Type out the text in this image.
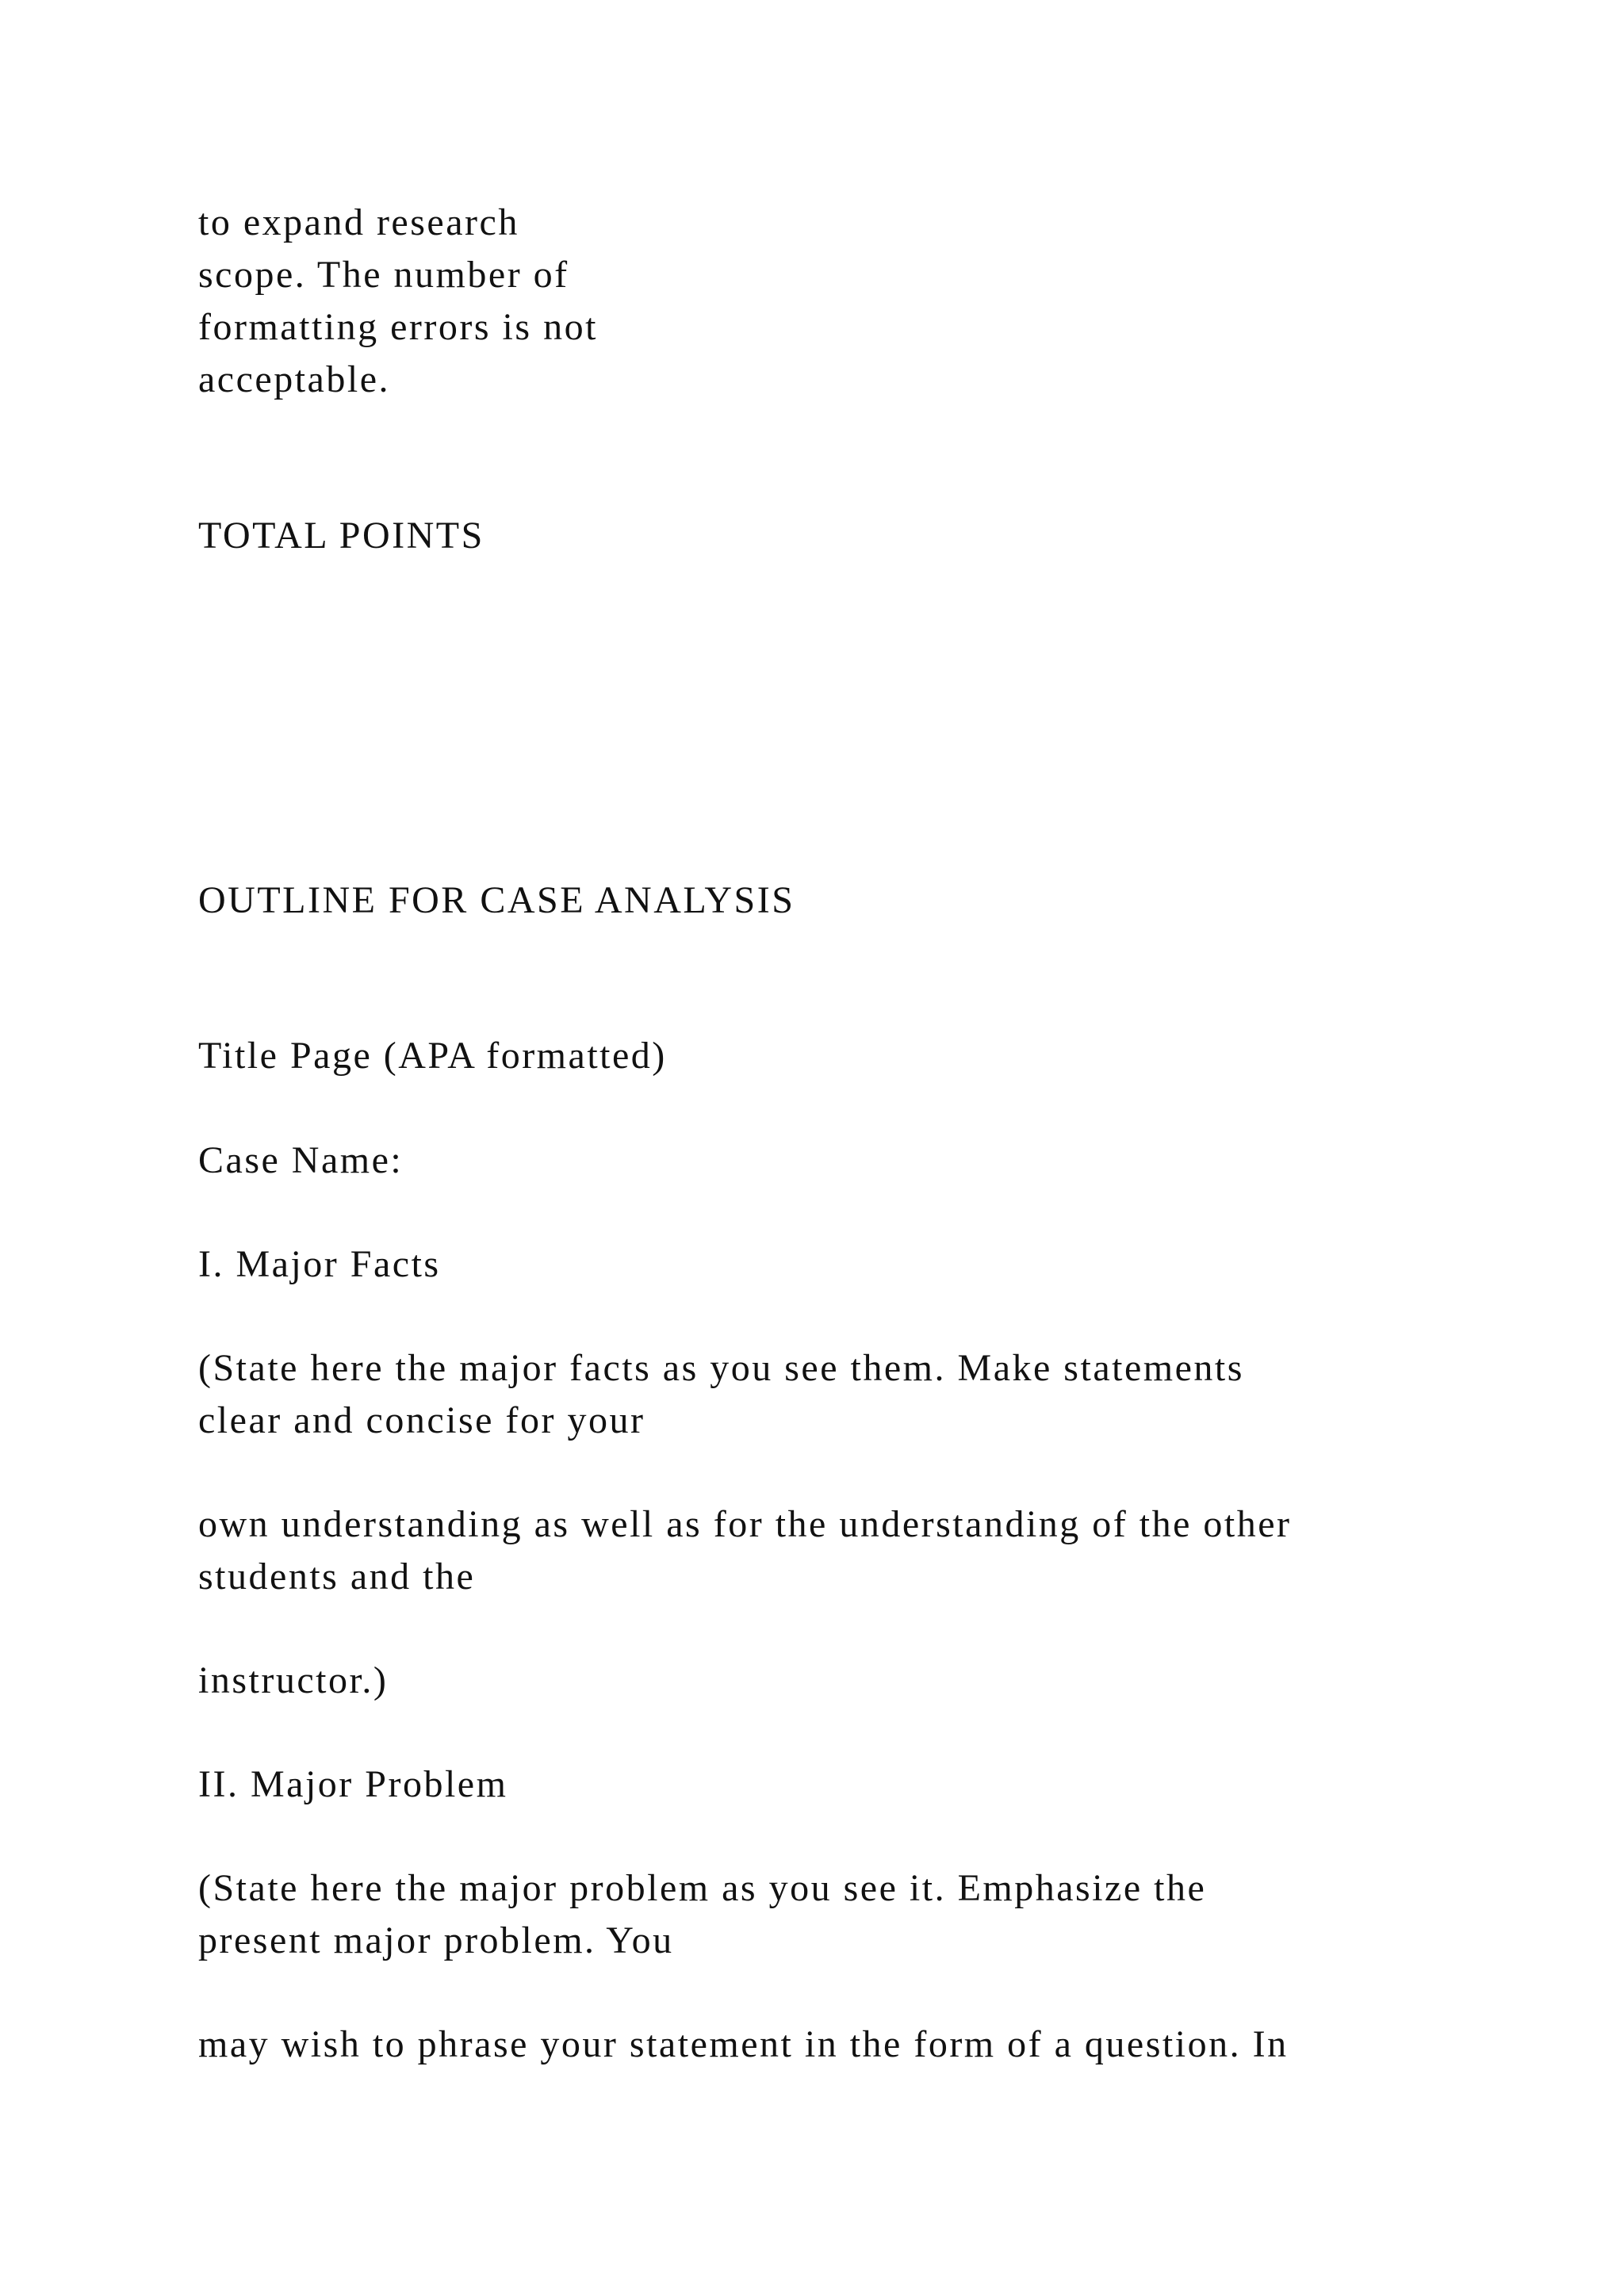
to expand research
scope. The number of
formatting errors is not
acceptable.

TOTAL POINTS

OUTLINE FOR CASE ANALYSIS

Title Page (APA formatted)

Case Name:

I. Major Facts

(State here the major facts as you see them. Make statements
clear and concise for your
own understanding as well as for the understanding of the other
students and the

instructor.)

II. Major Problem

(State here the major problem as you see it. Emphasize the
present major problem. You

may wish to phrase your statement in the form of a question. In
